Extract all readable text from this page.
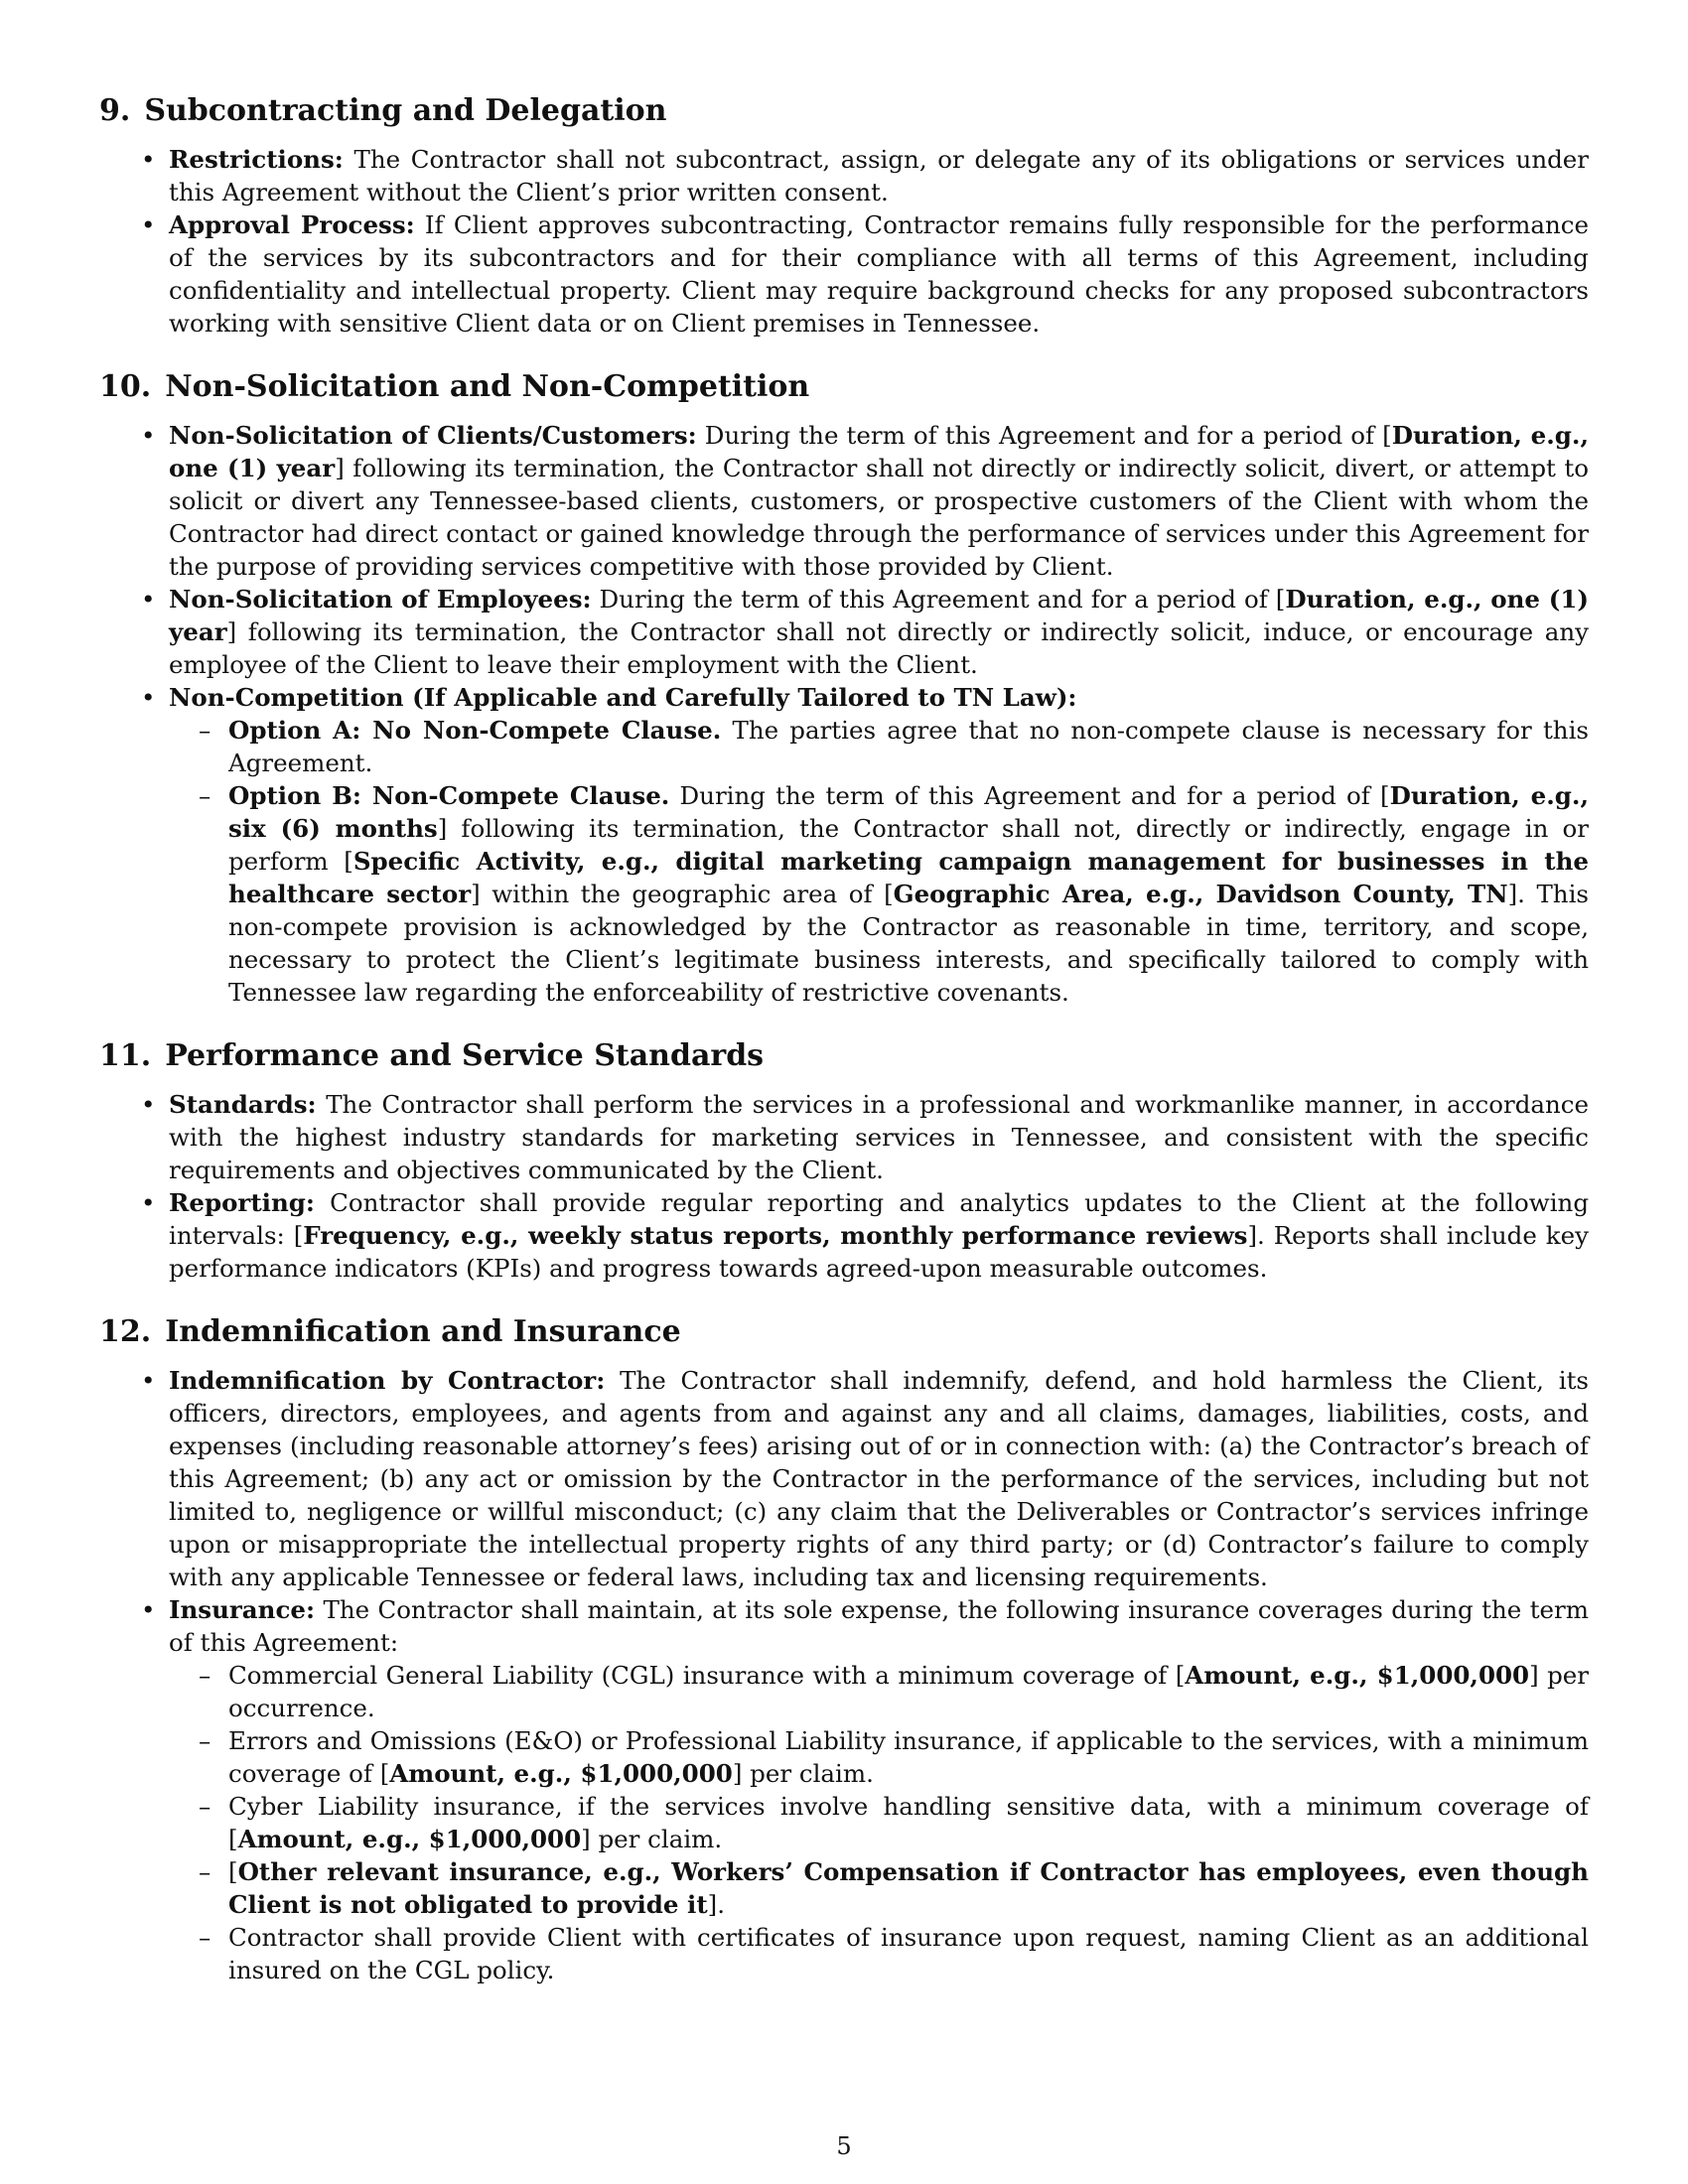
9. Subcontracting and Delegation
• Restrictions: The Contractor shall not subcontract, assign, or delegate any of its obligations or services under this Agreement without the Client’s prior written consent.
• Approval Process: If Client approves subcontracting, Contractor remains fully responsible for the performance of the services by its subcontractors and for their compliance with all terms of this Agreement, including confidentiality and intellectual property. Client may require background checks for any proposed subcontractors working with sensitive Client data or on Client premises in Tennessee.
10. Non-Solicitation and Non-Competition
• Non-Solicitation of Clients/Customers: During the term of this Agreement and for a period of [Duration, e.g., one (1) year] following its termination, the Contractor shall not directly or indirectly solicit, divert, or attempt to solicit or divert any Tennessee-based clients, customers, or prospective customers of the Client with whom the Contractor had direct contact or gained knowledge through the performance of services under this Agreement for the purpose of providing services competitive with those provided by Client.
• Non-Solicitation of Employees: During the term of this Agreement and for a period of [Duration, e.g., one (1) year] following its termination, the Contractor shall not directly or indirectly solicit, induce, or encourage any employee of the Client to leave their employment with the Client.
• Non-Competition (If Applicable and Carefully Tailored to TN Law):
– Option A: No Non-Compete Clause. The parties agree that no non-compete clause is necessary for this Agreement.
– Option B: Non-Compete Clause. During the term of this Agreement and for a period of [Duration, e.g., six (6) months] following its termination, the Contractor shall not, directly or indirectly, engage in or perform [Specific Activity, e.g., digital marketing campaign management for businesses in the healthcare sector] within the geographic area of [Geographic Area, e.g., Davidson County, TN]. This non-compete provision is acknowledged by the Contractor as reasonable in time, territory, and scope, necessary to protect the Client’s legitimate business interests, and specifically tailored to comply with Tennessee law regarding the enforceability of restrictive covenants.
11. Performance and Service Standards
• Standards: The Contractor shall perform the services in a professional and workmanlike manner, in accordance with the highest industry standards for marketing services in Tennessee, and consistent with the specific requirements and objectives communicated by the Client.
• Reporting: Contractor shall provide regular reporting and analytics updates to the Client at the following intervals: [Frequency, e.g., weekly status reports, monthly performance reviews]. Reports shall include key performance indicators (KPIs) and progress towards agreed-upon measurable outcomes.
12. Indemnification and Insurance
• Indemnification by Contractor: The Contractor shall indemnify, defend, and hold harmless the Client, its officers, directors, employees, and agents from and against any and all claims, damages, liabilities, costs, and expenses (including reasonable attorney’s fees) arising out of or in connection with: (a) the Contractor’s breach of this Agreement; (b) any act or omission by the Contractor in the performance of the services, including but not limited to, negligence or willful misconduct; (c) any claim that the Deliverables or Contractor’s services infringe upon or misappropriate the intellectual property rights of any third party; or (d) Contractor’s failure to comply with any applicable Tennessee or federal laws, including tax and licensing requirements.
• Insurance: The Contractor shall maintain, at its sole expense, the following insurance coverages during the term of this Agreement:
– Commercial General Liability (CGL) insurance with a minimum coverage of [Amount, e.g., $1,000,000] per occurrence.
– Errors and Omissions (E&O) or Professional Liability insurance, if applicable to the services, with a minimum coverage of [Amount, e.g., $1,000,000] per claim.
– Cyber Liability insurance, if the services involve handling sensitive data, with a minimum coverage of [Amount, e.g., $1,000,000] per claim.
– [Other relevant insurance, e.g., Workers’ Compensation if Contractor has employees, even though Client is not obligated to provide it].
– Contractor shall provide Client with certificates of insurance upon request, naming Client as an additional insured on the CGL policy.
5
